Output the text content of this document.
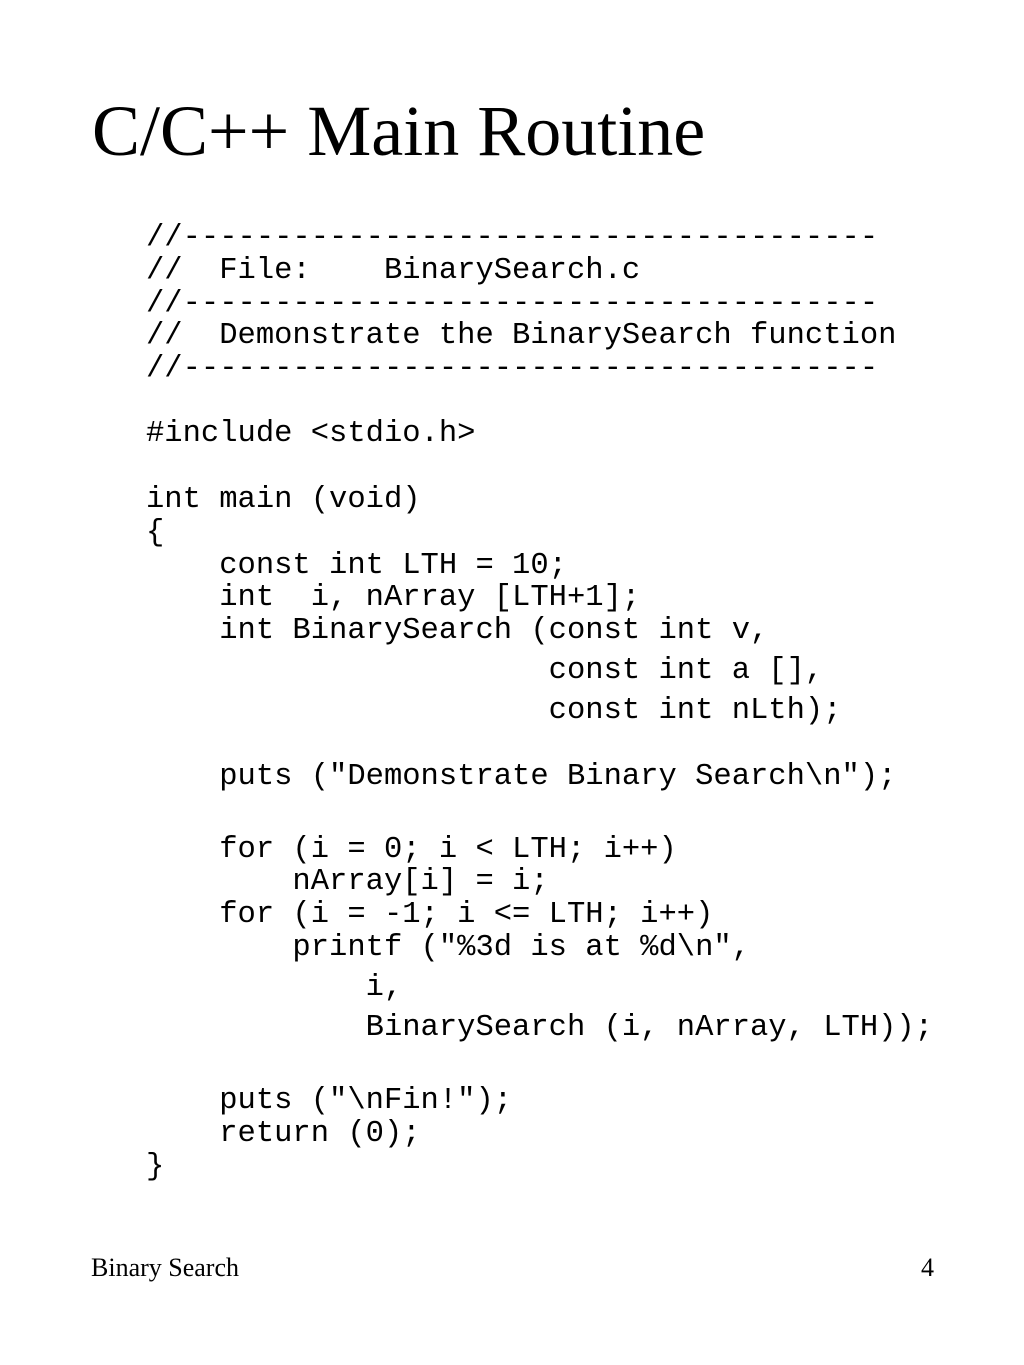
C/C++ Main Routine
//--------------------------------------
//  File:    BinarySearch.c
//--------------------------------------
//  Demonstrate the BinarySearch function
//--------------------------------------
#include <stdio.h>
int main (void)
{
const int LTH = 10;
int  i, nArray [LTH+1];
int BinarySearch (const int v,
const int a [],
const int nLth);
puts ("Demonstrate Binary Search\n");
for (i = 0; i < LTH; i++)
nArray[i] = i;
for (i = -1; i <= LTH; i++)
printf ("%3d is at %d\n",
i,
BinarySearch (i, nArray, LTH));
puts ("\nFin!");
return (0);
}
Binary Search	4
